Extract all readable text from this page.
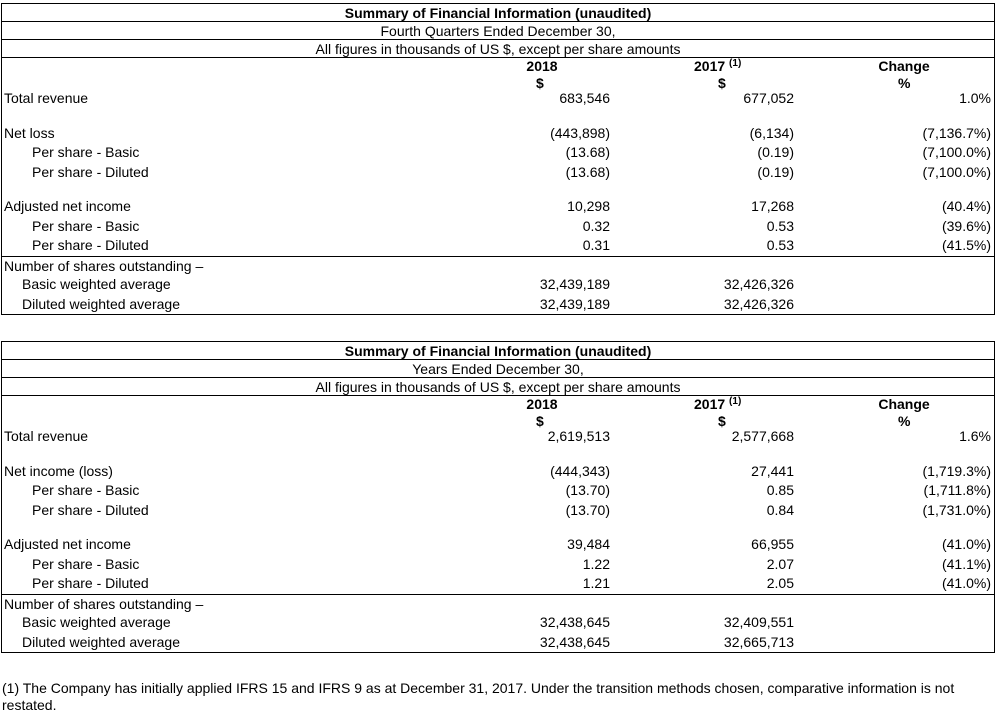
Summary of Financial Information (unaudited)
Fourth Quarters Ended December 30,
All figures in thousands of US $, except per share amounts
2018	2017 $^{(1)}$	Change
$	$	%
Total revenue	683,546	677,052	1.0%
Net loss	(443,898)	(6,134)	(7,136.7%)
Per share - Basic	(13.68)	(0.19)	(7,100.0%)
Per share - Diluted	(13.68)	(0.19)	(7,100.0%)
Adjusted net income	10,298	17,268	(40.4%)
Per share - Basic	0.32	0.53	(39.6%)
Per share - Diluted	0.31	0.53	(41.5%)
Number of shares outstanding –
Basic weighted average	32,439,189	32,426,326
Diluted weighted average	32,439,189	32,426,326
Summary of Financial Information (unaudited)
Years Ended December 30,
All figures in thousands of US $, except per share amounts
2018	2017 $^{(1)}$	Change
$	$	%
Total revenue	2,619,513	2,577,668	1.6%
Net income (loss)	(444,343)	27,441	(1,719.3%)
Per share - Basic	(13.70)	0.85	(1,711.8%)
Per share - Diluted	(13.70)	0.84	(1,731.0%)
Adjusted net income	39,484	66,955	(41.0%)
Per share - Basic	1.22	2.07	(41.1%)
Per share - Diluted	1.21	2.05	(41.0%)
Number of shares outstanding –
Basic weighted average	32,438,645	32,409,551
Diluted weighted average	32,438,645	32,665,713
(1) The Company has initially applied IFRS 15 and IFRS 9 as at December 31, 2017. Under the transition methods chosen, comparative information is not restated.
